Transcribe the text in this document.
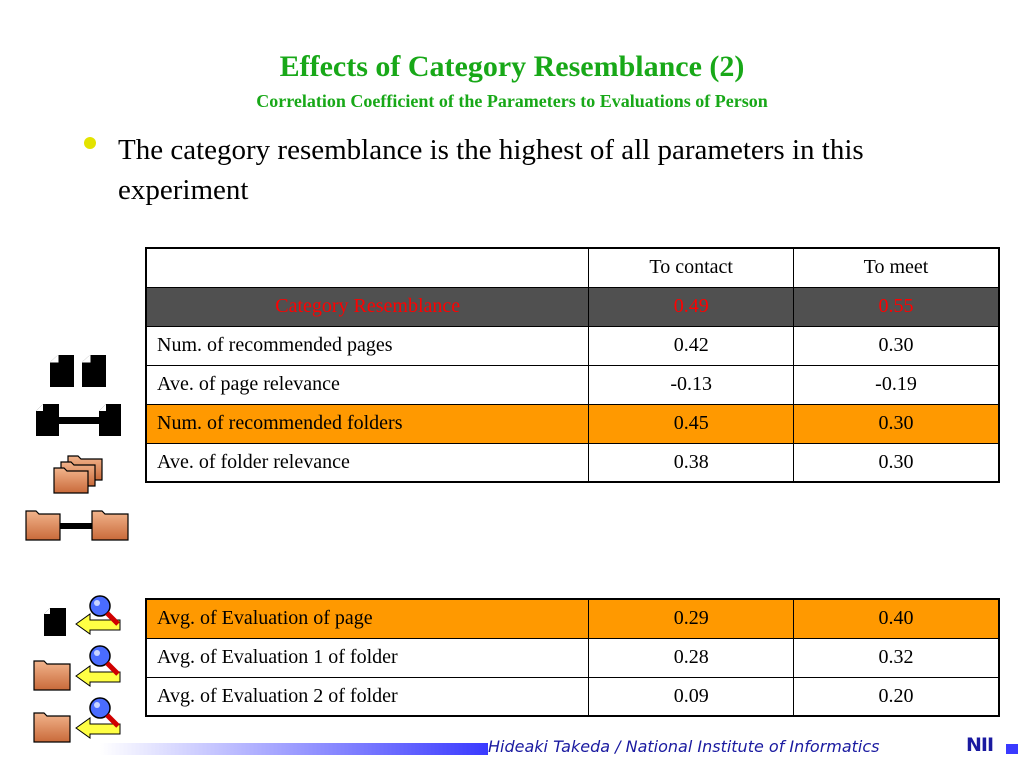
Effects of Category Resemblance (2)
Correlation Coefficient of the Parameters to Evaluations of Person
The category resemblance is the highest of all parameters in this experiment
	To contact	To meet
Category Resemblance	0.49	0.55
Num. of recommended pages	0.42	0.30
Ave. of page relevance	-0.13	-0.19
Num. of recommended folders	0.45	0.30
Ave. of folder relevance	0.38	0.30
Avg. of Evaluation of page	0.29	0.40
Avg. of Evaluation 1 of folder	0.28	0.32
Avg. of Evaluation 2 of folder	0.09	0.20
Hideaki Takeda / National Institute of Informatics	NII
